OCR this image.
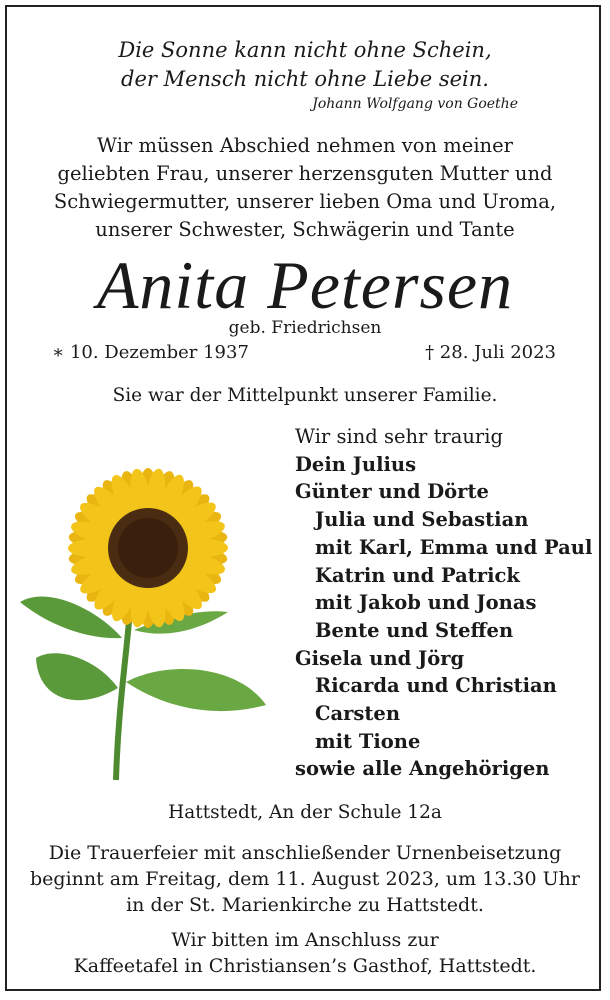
Die Sonne kann nicht ohne Schein,
der Mensch nicht ohne Liebe sein.
Johann Wolfgang von Goethe
Wir müssen Abschied nehmen von meiner
geliebten Frau, unserer herzensguten Mutter und
Schwiegermutter, unserer lieben Oma und Uroma,
unserer Schwester, Schwägerin und Tante
Anita Petersen
geb. Friedrichsen
∗ 10. Dezember 1937	† 28. Juli 2023
Sie war der Mittelpunkt unserer Familie.
Wir sind sehr traurig
Dein Julius
Günter und Dörte
Julia und Sebastian
mit Karl, Emma und Paul
Katrin und Patrick
mit Jakob und Jonas
Bente und Steffen
Gisela und Jörg
Ricarda und Christian
Carsten
mit Tione
sowie alle Angehörigen
Hattstedt, An der Schule 12a
Die Trauerfeier mit anschließender Urnenbeisetzung
beginnt am Freitag, dem 11. August 2023, um 13.30 Uhr
in der St. Marienkirche zu Hattstedt.
Wir bitten im Anschluss zur
Kaffeetafel in Christiansen’s Gasthof, Hattstedt.
